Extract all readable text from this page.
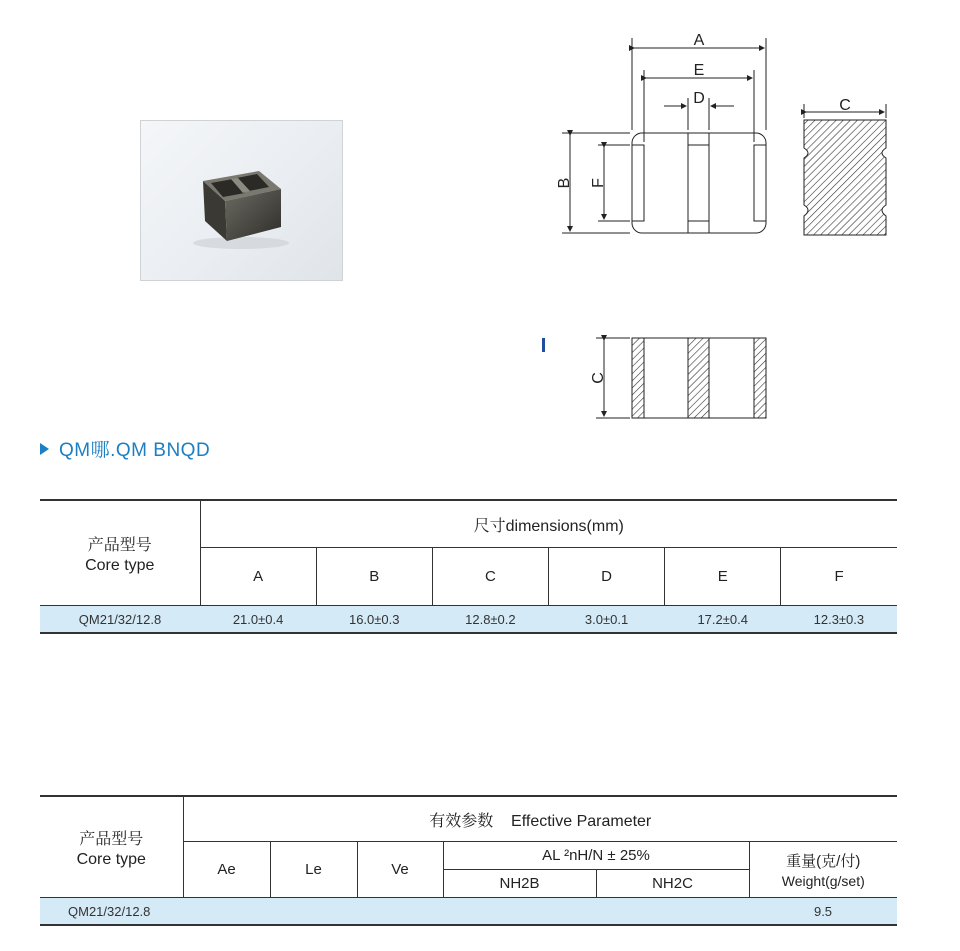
A
E
D	C
B F
C
QM哪.QM BNQD
产品型号
Core type	尺寸dimensions(mm)					
	A	B	C	D	E	F
QM21/32/12.8	21.0±0.4	16.0±0.3	12.8±0.2	3.0±0.1	17.2±0.4	12.3±0.3
产品型号
Core type	有效参数    Effective Parameter					
	Ae	Le	Ve	AL ²nH/N ± 25%		重量(克/付)
Weight(g/set)

				NH2B	NH2C	
QM21/32/12.8						9.5
